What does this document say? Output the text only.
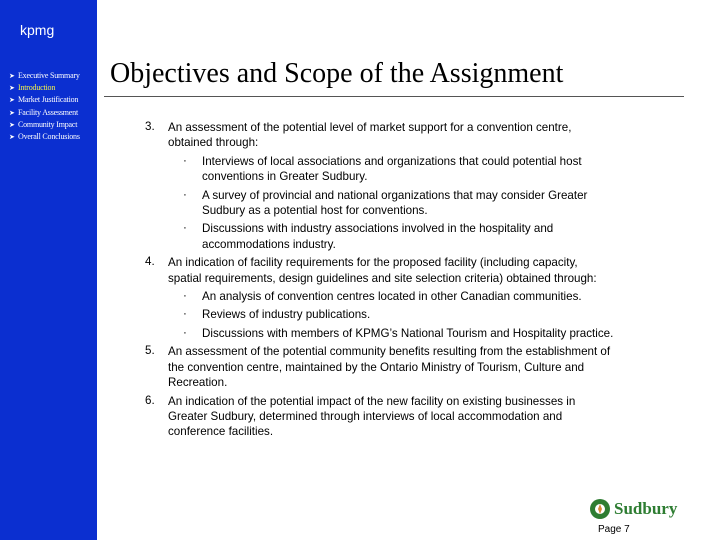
kpmg
➤ Executive Summary
➤ Introduction
➤ Market Justification
➤ Facility Assessment
➤ Community Impact
➤ Overall Conclusions
Objectives and Scope of the Assignment
3. An assessment of the potential level of market support for a convention centre,
obtained through:
· Interviews of local associations and organizations that could potential host
conventions in Greater Sudbury.
· A survey of provincial and national organizations that may consider Greater
Sudbury as a potential host for conventions.
· Discussions with industry associations involved in the hospitality and
accommodations industry.
4. An indication of facility requirements for the proposed facility (including capacity,
spatial requirements, design guidelines and site selection criteria) obtained through:
· An analysis of convention centres located in other Canadian communities.
· Reviews of industry publications.
· Discussions with members of KPMG’s National Tourism and Hospitality practice.
5. An assessment of the potential community benefits resulting from the establishment of
the convention centre, maintained by the Ontario Ministry of Tourism, Culture and
Recreation.
6. An indication of the potential impact of the new facility on existing businesses in
Greater Sudbury, determined through interviews of local accommodation and
conference facilities.
Sudbury
Page 7
